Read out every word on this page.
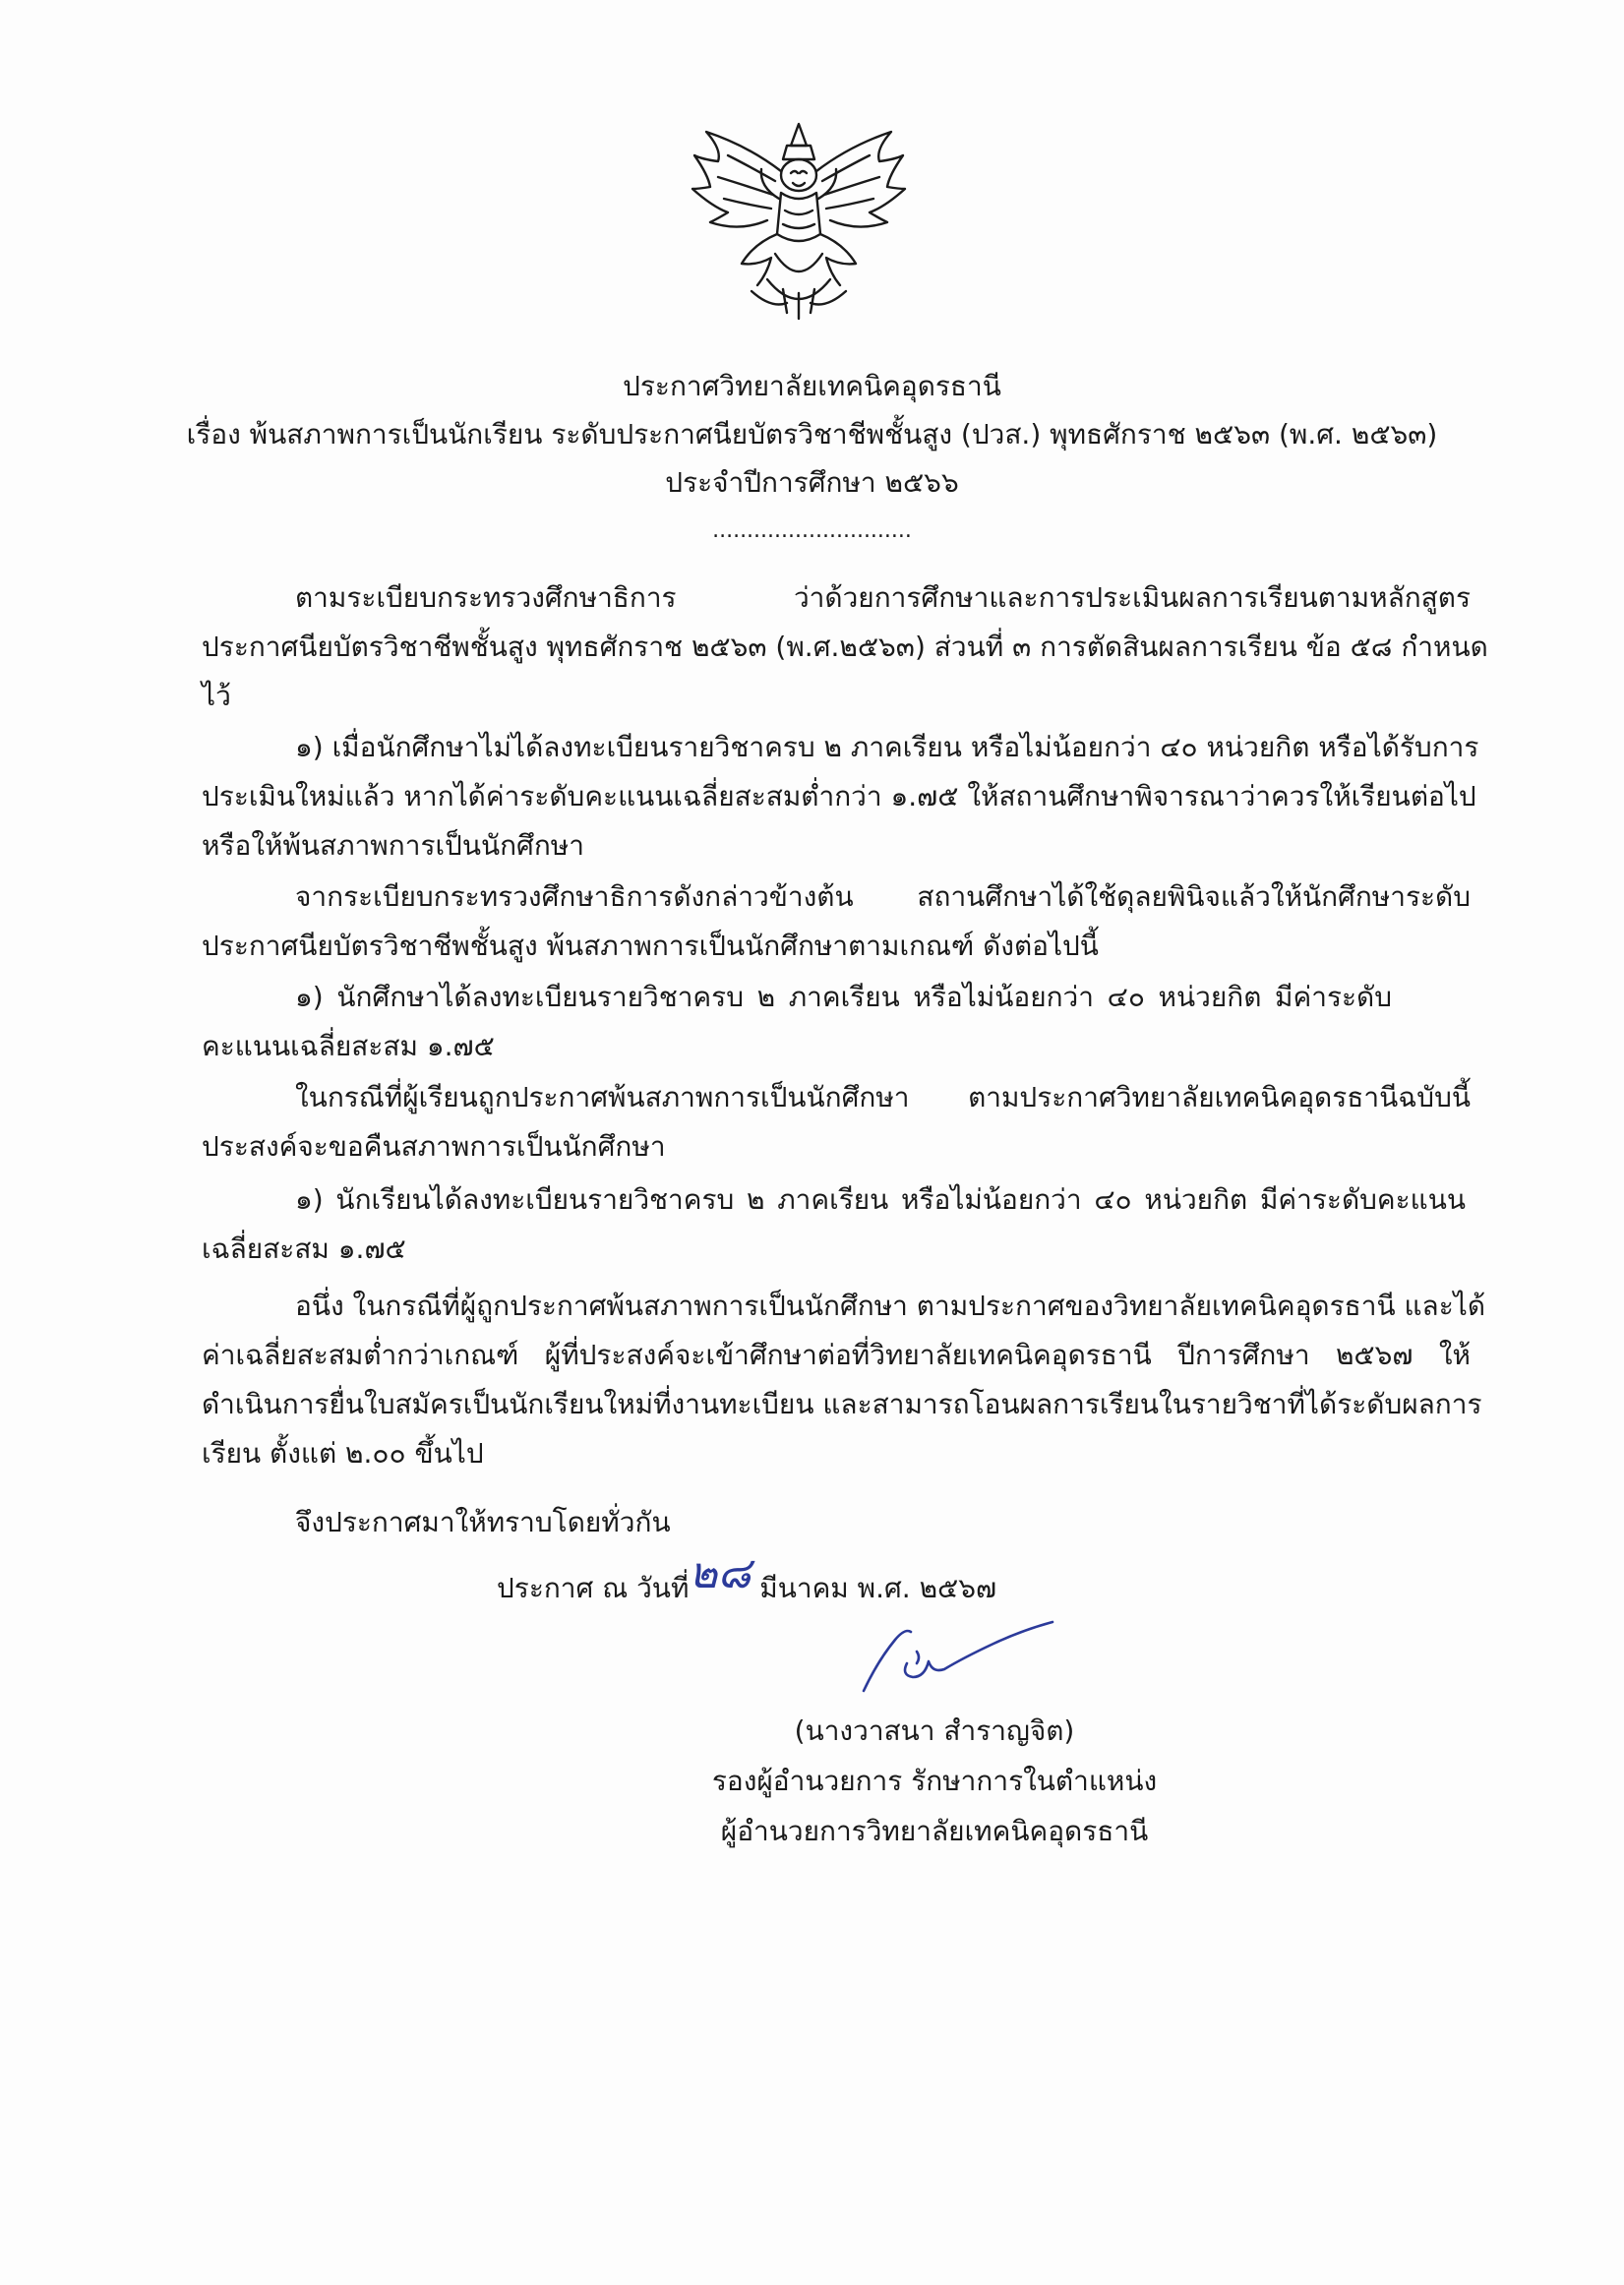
ประกาศวิทยาลัยเทคนิคอุดรธานี
เรื่อง พ้นสภาพการเป็นนักเรียน ระดับประกาศนียบัตรวิชาชีพชั้นสูง (ปวส.) พุทธศักราช ๒๕๖๓ (พ.ศ. ๒๕๖๓)
ประจำปีการศึกษา ๒๕๖๖
.............................
ตามระเบียบกระทรวงศึกษาธิการ ว่าด้วยการศึกษาและการประเมินผลการเรียนตามหลักสูตร
ประกาศนียบัตรวิชาชีพชั้นสูง พุทธศักราช ๒๕๖๓ (พ.ศ.๒๕๖๓) ส่วนที่ ๓ การตัดสินผลการเรียน ข้อ ๕๘ กำหนด
ไว้
๑) เมื่อนักศึกษาไม่ได้ลงทะเบียนรายวิชาครบ ๒ ภาคเรียน หรือไม่น้อยกว่า ๔๐ หน่วยกิต หรือได้รับการ
ประเมินใหม่แล้ว หากได้ค่าระดับคะแนนเฉลี่ยสะสมต่ำกว่า ๑.๗๕ ให้สถานศึกษาพิจารณาว่าควรให้เรียนต่อไป
หรือให้พ้นสภาพการเป็นนักศึกษา
จากระเบียบกระทรวงศึกษาธิการดังกล่าวข้างต้น สถานศึกษาได้ใช้ดุลยพินิจแล้วให้นักศึกษาระดับ
ประกาศนียบัตรวิชาชีพชั้นสูง พ้นสภาพการเป็นนักศึกษาตามเกณฑ์ ดังต่อไปนี้
๑) นักศึกษาได้ลงทะเบียนรายวิชาครบ ๒ ภาคเรียน หรือไม่น้อยกว่า ๔๐ หน่วยกิต มีค่าระดับ
คะแนนเฉลี่ยสะสม ๑.๗๕
ในกรณีที่ผู้เรียนถูกประกาศพ้นสภาพการเป็นนักศึกษา ตามประกาศวิทยาลัยเทคนิคอุดรธานีฉบับนี้
ประสงค์จะขอคืนสภาพการเป็นนักศึกษา
๑) นักเรียนได้ลงทะเบียนรายวิชาครบ ๒ ภาคเรียน หรือไม่น้อยกว่า ๔๐ หน่วยกิต มีค่าระดับคะแนน
เฉลี่ยสะสม ๑.๗๕
อนึ่ง ในกรณีที่ผู้ถูกประกาศพ้นสภาพการเป็นนักศึกษา ตามประกาศของวิทยาลัยเทคนิคอุดรธานี และได้
ค่าเฉลี่ยสะสมต่ำกว่าเกณฑ์ ผู้ที่ประสงค์จะเข้าศึกษาต่อที่วิทยาลัยเทคนิคอุดรธานี ปีการศึกษา ๒๕๖๗ ให้
ดำเนินการยื่นใบสมัครเป็นนักเรียนใหม่ที่งานทะเบียน และสามารถโอนผลการเรียนในรายวิชาที่ได้ระดับผลการ
เรียน ตั้งแต่ ๒.๐๐ ขึ้นไป
จึงประกาศมาให้ทราบโดยทั่วกัน
ประกาศ ณ วันที่๒๘ มีนาคม พ.ศ. ๒๕๖๗
(นางวาสนา สำราญจิต)
รองผู้อำนวยการ รักษาการในตำแหน่ง
ผู้อำนวยการวิทยาลัยเทคนิคอุดรธานี
